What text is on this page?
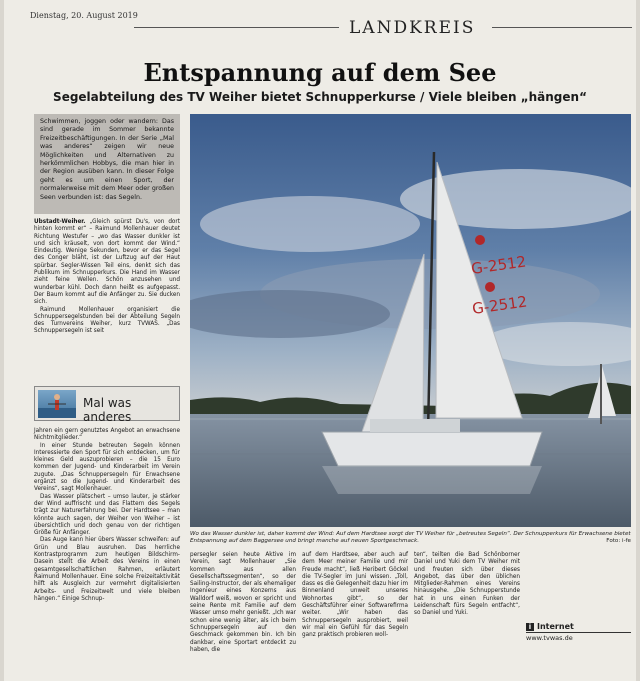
Dienstag, 20. August 2019
LANDKREIS
Entspannung auf dem See
Segelabteilung des TV Weiher bietet Schnupperkurse / Viele bleiben „hängen“
Schwimmen, joggen oder wandern: Das sind gerade im Sommer bekannte Freizeitbeschäftigungen. In der Serie „Mal was anderes“ zeigen wir neue Möglichkeiten und Alternativen zu herkömmlichen Hobbys, die man hier in der Region ausüben kann. In dieser Folge geht es um einen Sport, der normalerweise mit dem Meer oder großen Seen verbunden ist: das Segeln.
G-2512
G-2512
Wo das Wasser dunkler ist, daher kommt der Wind: Auf dem Hardtsee sorgt der TV Weiher für „betreutes Segeln“. Der Schnupperkurs für Erwachsene bietet Entspannung auf dem Baggersee und bringt manche auf neuen Sportgeschmack.	Foto: i-fe

Ubstadt-Weiher. „Gleich spürst Du's, von dort hinten kommt er“ – Raimund Mollenhauer deutet Richtung Westufer – „wo das Wasser dunkler ist und sich kräuselt, von dort kommt der Wind.“ Eindeutig. Wenige Sekunden, bevor er das Segel des Conger bläht, ist der Luftzug auf der Haut spürbar. Segler-Wissen Teil eins, denkt sich das Publikum im Schnupperkurs. Die Hand im Wasser zieht feine Wellen. Schön anzusehen und wunderbar kühl. Doch dann heißt es aufgepasst. Der Baum kommt auf die Anfänger zu. Sie ducken sich.

Raimund Mollenhauer organisiert die Schnuppersegelstunden bei der Abteilung Segeln des Turnvereins Weiher, kurz TVWAS. „Das Schnuppersegeln ist seit

Mal was anderes

Jahren ein gern genutztes Angebot an erwachsene Nichtmitglieder.“

In einer Stunde betreuten Segeln können Interessierte den Sport für sich entdecken, um für kleines Geld auszuprobieren – die 15 Euro kommen der Jugend- und Kinderarbeit im Verein zugute. „Das Schnuppersegeln für Erwachsene ergänzt so die Jugend- und Kinderarbeit des Vereins“, sagt Mollenhauer.

Das Wasser plätschert – umso lauter, je stärker der Wind auffrischt und das Flattern des Segels trägt zur Naturerfahrung bei. Der Hardtsee – man könnte auch sagen, der Weiher von Weiher – ist übersichtlich und doch genau von der richtigen Größe für Anfänger.

Das Auge kann hier übers Wasser schweifen: auf Grün und Blau ausruhen. Das herrliche Kontrastprogramm zum heutigen Bildschirm-Dasein stellt die Arbeit des Vereins in einen gesamtgesellschaftlichen Rahmen, erläutert Raimund Mollenhauer. Eine solche Freizeitaktivität hilft als Ausgleich zur vermehrt digitalisierten Arbeits- und Freizeitwelt und viele bleiben hängen.“ Einige Schnup-

persegler seien heute Aktive im Verein, sagt Mollenhauer „Sie kommen aus allen Gesellschaftssegmenten“, so der Sailing-Instructor, der als ehemaliger Ingenieur eines Konzerns aus Walldorf weiß, wovon er spricht und seine Rente mit Familie auf dem Wasser umso mehr genießt. „Ich war schon eine wenig älter, als ich beim Schnuppersegeln auf den Geschmack gekommen bin. Ich bin dankbar, eine Sportart entdeckt zu haben, die

auf dem Hardtsee, aber auch auf dem Meer meiner Familie und mir Freude macht“, ließ Heribert Göckel die TV-Segler im Juni wissen. „Toll, dass es die Gelegenheit dazu hier im Binnenland unweit unseres Wohnortes gibt“, so der Geschäftsführer einer Softwarefirma weiter. „Wir haben das Schnuppersegeln ausprobiert, weil wir mal ein Gefühl für das Segeln ganz praktisch probieren woll-

ten“, teilten die Bad Schönborner Daniel und Yuki dem TV Weiher mit und freuten sich über dieses Angebot, das über den üblichen Mitglieder-Rahmen eines Vereins hinausgehe. „Die Schnupperstunde hat in uns einen Funken der Leidenschaft fürs Segeln entfacht“, so Daniel und Yuki.

i Internet
www.tvwas.de
